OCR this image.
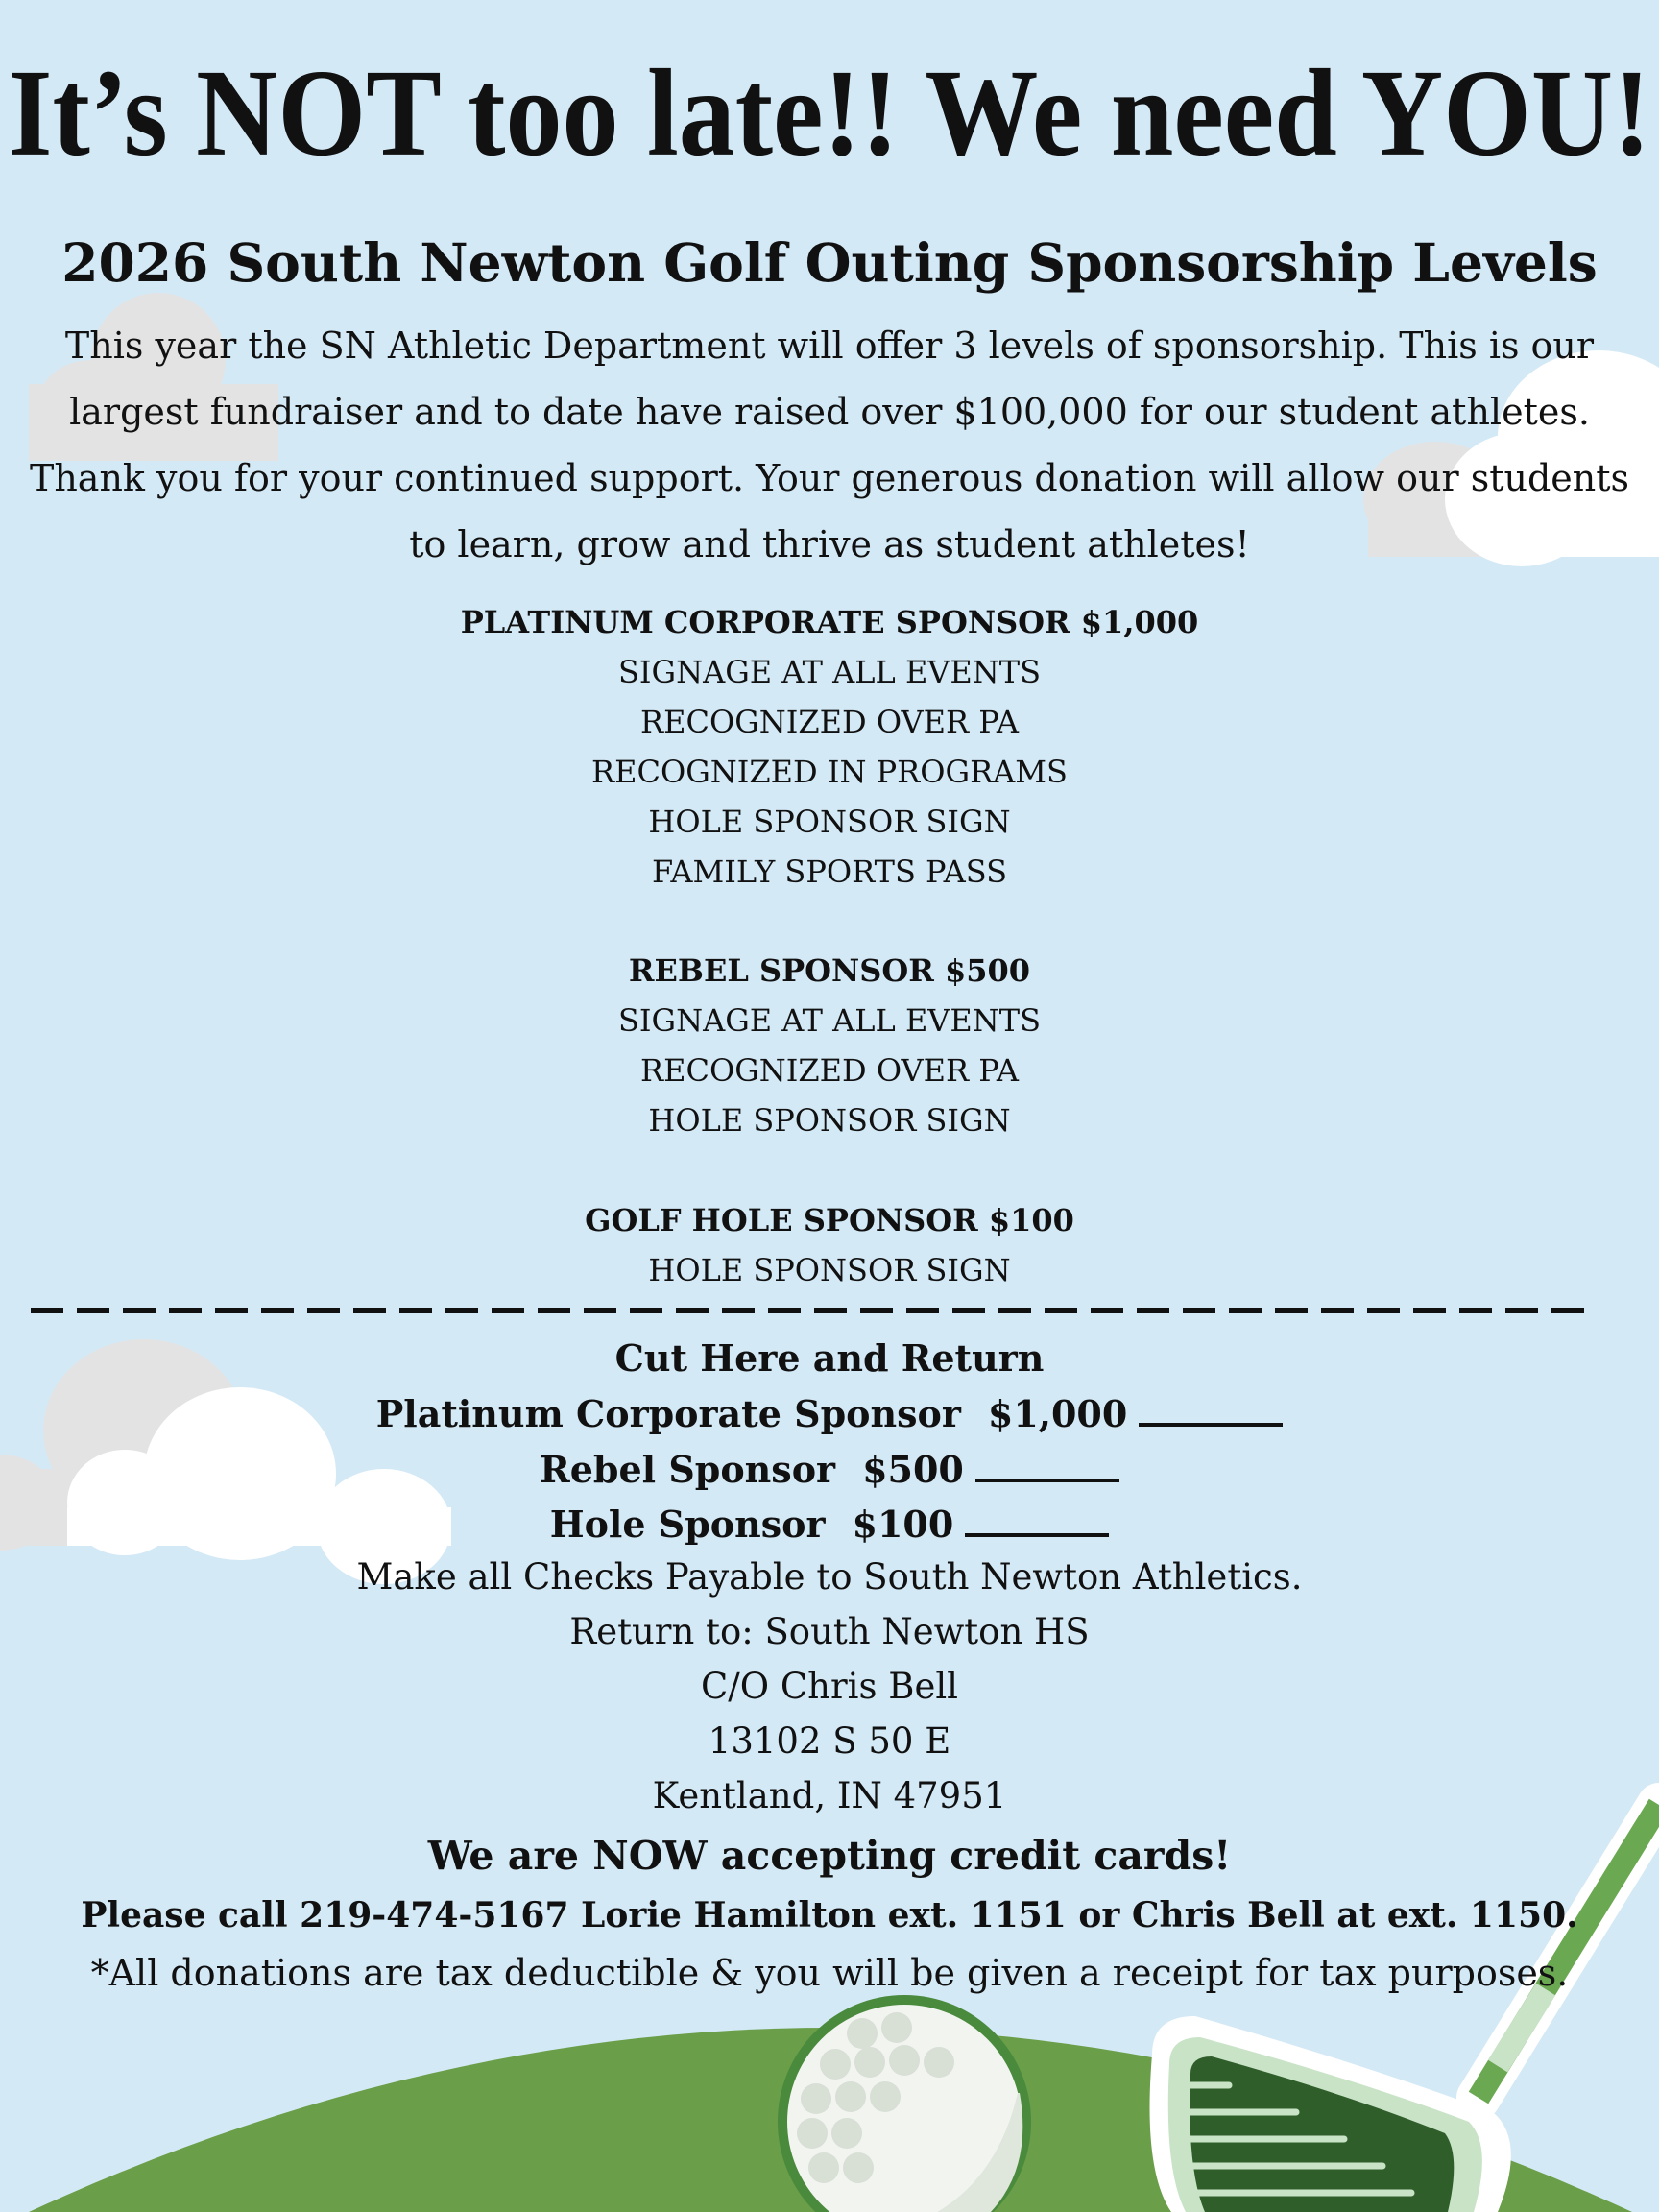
It’s NOT too late!! We need YOU!
2026 South Newton Golf Outing Sponsorship Levels
This year the SN Athletic Department will offer 3 levels of sponsorship. This is our largest fundraiser and to date have raised over $100,000 for our student athletes. Thank you for your continued support. Your generous donation will allow our students to learn, grow and thrive as student athletes!
PLATINUM CORPORATE SPONSOR $1,000
SIGNAGE AT ALL EVENTS
RECOGNIZED OVER PA
RECOGNIZED IN PROGRAMS
HOLE SPONSOR SIGN
FAMILY SPORTS PASS
REBEL SPONSOR $500
SIGNAGE AT ALL EVENTS
RECOGNIZED OVER PA
HOLE SPONSOR SIGN
GOLF HOLE SPONSOR $100
HOLE SPONSOR SIGN
Cut Here and Return
Platinum Corporate Sponsor $1,000
Rebel Sponsor $500
Hole Sponsor $100
Make all Checks Payable to South Newton Athletics.
Return to: South Newton HS
C/O Chris Bell
13102 S 50 E
Kentland, IN 47951
We are NOW accepting credit cards!
Please call 219-474-5167 Lorie Hamilton ext. 1151 or Chris Bell at ext. 1150.
*All donations are tax deductible & you will be given a receipt for tax purposes.
